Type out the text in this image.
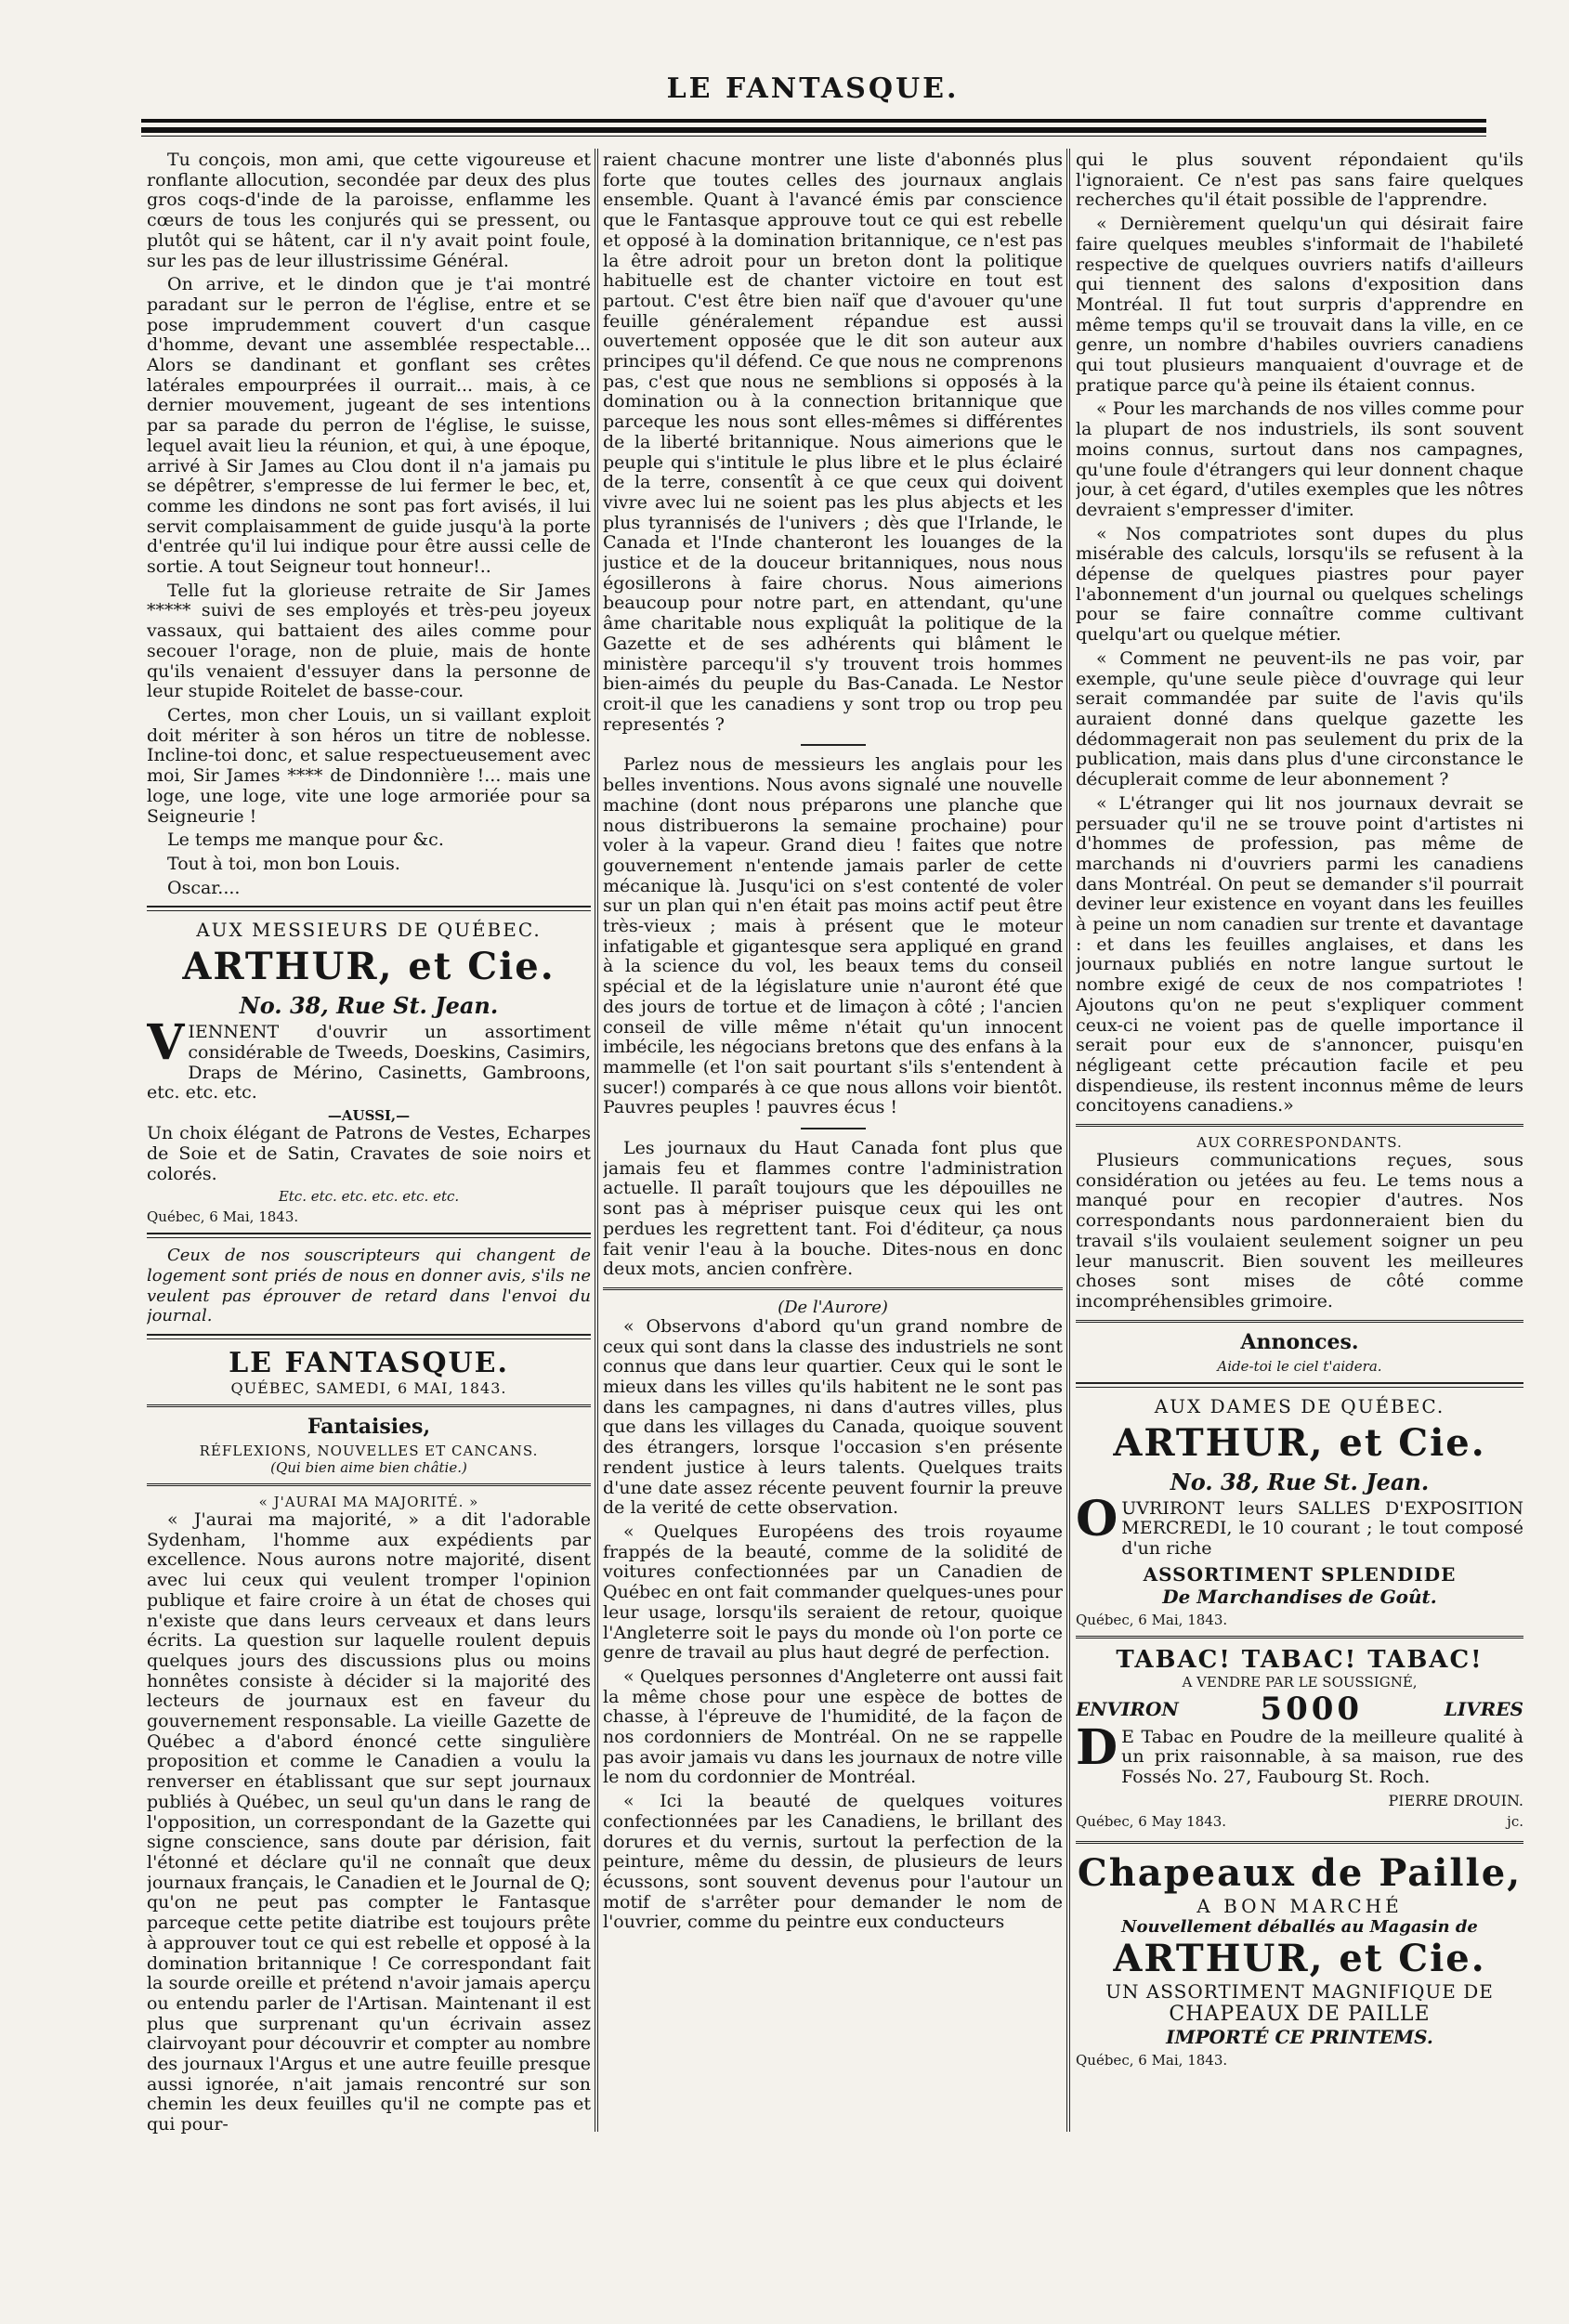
LE FANTASQUE.

Tu conçois, mon ami, que cette vigoureuse et ronflante allocution, secondée par deux des plus gros coqs-d'inde de la paroisse, enflamme les cœurs de tous les conjurés qui se pressent, ou plutôt qui se hâtent, car il n'y avait point foule, sur les pas de leur illustrissime Général.

On arrive, et le dindon que je t'ai montré paradant sur le perron de l'église, entre et se pose imprudemment couvert d'un casque d'homme, devant une assemblée respectable... Alors se dandinant et gonflant ses crêtes latérales empourprées il ourrait... mais, à ce dernier mouvement, jugeant de ses intentions par sa parade du perron de l'église, le suisse, lequel avait lieu la réunion, et qui, à une époque, arrivé à Sir James au Clou dont il n'a jamais pu se dépêtrer, s'empresse de lui fermer le bec, et, comme les dindons ne sont pas fort avisés, il lui servit complaisamment de guide jusqu'à la porte d'entrée qu'il lui indique pour être aussi celle de sortie. A tout Seigneur tout honneur!..

Telle fut la glorieuse retraite de Sir James ***** suivi de ses employés et très-peu joyeux vassaux, qui battaient des ailes comme pour secouer l'orage, non de pluie, mais de honte qu'ils venaient d'essuyer dans la personne de leur stupide Roitelet de basse-cour.

Certes, mon cher Louis, un si vaillant exploit doit mériter à son héros un titre de noblesse. Incline-toi donc, et salue respectueusement avec moi, Sir James **** de Dindonnière !... mais une loge, une loge, vite une loge armoriée pour sa Seigneurie !

Le temps me manque pour &c.

Tout à toi, mon bon Louis.

Oscar....

AUX MESSIEURS DE QUÉBEC.
ARTHUR, et Cie.
No. 38, Rue St. Jean.

VIENNENT d'ouvrir un assortiment considérable de Tweeds, Doeskins, Casimirs, Draps de Mérino, Casinetts, Gambroons, etc. etc. etc.

—AUSSI,—

Un choix élégant de Patrons de Vestes, Echarpes de Soie et de Satin, Cravates de soie noirs et colorés.

Etc. etc. etc. etc. etc. etc.
Québec, 6 Mai, 1843.

Ceux de nos souscripteurs qui changent de logement sont priés de nous en donner avis, s'ils ne veulent pas éprouver de retard dans l'envoi du journal.

LE FANTASQUE.
QUÉBEC, SAMEDI, 6 MAI, 1843.
Fantaisies,
RÉFLEXIONS, NOUVELLES ET CANCANS.
(Qui bien aime bien châtie.)
« J'AURAI MA MAJORITÉ. »

« J'aurai ma majorité, » a dit l'adorable Sydenham, l'homme aux expédients par excellence. Nous aurons notre majorité, disent avec lui ceux qui veulent tromper l'opinion publique et faire croire à un état de choses qui n'existe que dans leurs cerveaux et dans leurs écrits. La question sur laquelle roulent depuis quelques jours des discussions plus ou moins honnêtes consiste à décider si la majorité des lecteurs de journaux est en faveur du gouvernement responsable. La vieille Gazette de Québec a d'abord énoncé cette singulière proposition et comme le Canadien a voulu la renverser en établissant que sur sept journaux publiés à Québec, un seul qu'un dans le rang de l'opposition, un correspondant de la Gazette qui signe conscience, sans doute par dérision, fait l'étonné et déclare qu'il ne connaît que deux journaux français, le Canadien et le Journal de Q; qu'on ne peut pas compter le Fantasque parceque cette petite diatribe est toujours prête à approuver tout ce qui est rebelle et opposé à la domination britannique ! Ce correspondant fait la sourde oreille et prétend n'avoir jamais aperçu ou entendu parler de l'Artisan. Maintenant il est plus que surprenant qu'un écrivain assez clairvoyant pour découvrir et compter au nombre des journaux l'Argus et une autre feuille presque aussi ignorée, n'ait jamais rencontré sur son chemin les deux feuilles qu'il ne compte pas et qui pour-

raient chacune montrer une liste d'abonnés plus forte que toutes celles des journaux anglais ensemble. Quant à l'avancé émis par conscience que le Fantasque approuve tout ce qui est rebelle et opposé à la domination britannique, ce n'est pas la être adroit pour un breton dont la politique habituelle est de chanter victoire en tout est partout. C'est être bien naïf que d'avouer qu'une feuille généralement répandue est aussi ouvertement opposée que le dit son auteur aux principes qu'il défend. Ce que nous ne comprenons pas, c'est que nous ne semblions si opposés à la domination ou à la connection britannique que parceque les nous sont elles-mêmes si différentes de la liberté britannique. Nous aimerions que le peuple qui s'intitule le plus libre et le plus éclairé de la terre, consentît à ce que ceux qui doivent vivre avec lui ne soient pas les plus abjects et les plus tyrannisés de l'univers ; dès que l'Irlande, le Canada et l'Inde chanteront les louanges de la justice et de la douceur britanniques, nous nous égosillerons à faire chorus. Nous aimerions beaucoup pour notre part, en attendant, qu'une âme charitable nous expliquât la politique de la Gazette et de ses adhérents qui blâment le ministère parcequ'il s'y trouvent trois hommes bien-aimés du peuple du Bas-Canada. Le Nestor croit-il que les canadiens y sont trop ou trop peu representés ?

Parlez nous de messieurs les anglais pour les belles inventions. Nous avons signalé une nouvelle machine (dont nous préparons une planche que nous distribuerons la semaine prochaine) pour voler à la vapeur. Grand dieu ! faites que notre gouvernement n'entende jamais parler de cette mécanique là. Jusqu'ici on s'est contenté de voler sur un plan qui n'en était pas moins actif peut être très-vieux ; mais à présent que le moteur infatigable et gigantesque sera appliqué en grand à la science du vol, les beaux tems du conseil spécial et de la législature unie n'auront été que des jours de tortue et de limaçon à côté ; l'ancien conseil de ville même n'était qu'un innocent imbécile, les négocians bretons que des enfans à la mammelle (et l'on sait pourtant s'ils s'entendent à sucer!) comparés à ce que nous allons voir bientôt. Pauvres peuples ! pauvres écus !

Les journaux du Haut Canada font plus que jamais feu et flammes contre l'administration actuelle. Il paraît toujours que les dépouilles ne sont pas à mépriser puisque ceux qui les ont perdues les regrettent tant. Foi d'éditeur, ça nous fait venir l'eau à la bouche. Dites-nous en donc deux mots, ancien confrère.

(De l'Aurore)

« Observons d'abord qu'un grand nombre de ceux qui sont dans la classe des industriels ne sont connus que dans leur quartier. Ceux qui le sont le mieux dans les villes qu'ils habitent ne le sont pas dans les campagnes, ni dans d'autres villes, plus que dans les villages du Canada, quoique souvent des étrangers, lorsque l'occasion s'en présente rendent justice à leurs talents. Quelques traits d'une date assez récente peuvent fournir la preuve de la verité de cette observation.

« Quelques Européens des trois royaume frappés de la beauté, comme de la solidité de voitures confectionnées par un Canadien de Québec en ont fait commander quelques-unes pour leur usage, lorsqu'ils seraient de retour, quoique l'Angleterre soit le pays du monde où l'on porte ce genre de travail au plus haut degré de perfection.

« Quelques personnes d'Angleterre ont aussi fait la même chose pour une espèce de bottes de chasse, à l'épreuve de l'humidité, de la façon de nos cordonniers de Montréal. On ne se rappelle pas avoir jamais vu dans les journaux de notre ville le nom du cordonnier de Montréal.

« Ici la beauté de quelques voitures confectionnées par les Canadiens, le brillant des dorures et du vernis, surtout la perfection de la peinture, même du dessin, de plusieurs de leurs écussons, sont souvent devenus pour l'autour un motif de s'arrêter pour demander le nom de l'ouvrier, comme du peintre eux conducteurs

qui le plus souvent répondaient qu'ils l'ignoraient. Ce n'est pas sans faire quelques recherches qu'il était possible de l'apprendre.

« Dernièrement quelqu'un qui désirait faire faire quelques meubles s'informait de l'habileté respective de quelques ouvriers natifs d'ailleurs qui tiennent des salons d'exposition dans Montréal. Il fut tout surpris d'apprendre en même temps qu'il se trouvait dans la ville, en ce genre, un nombre d'habiles ouvriers canadiens qui tout plusieurs manquaient d'ouvrage et de pratique parce qu'à peine ils étaient connus.

« Pour les marchands de nos villes comme pour la plupart de nos industriels, ils sont souvent moins connus, surtout dans nos campagnes, qu'une foule d'étrangers qui leur donnent chaque jour, à cet égard, d'utiles exemples que les nôtres devraient s'empresser d'imiter.

« Nos compatriotes sont dupes du plus misérable des calculs, lorsqu'ils se refusent à la dépense de quelques piastres pour payer l'abonnement d'un journal ou quelques schelings pour se faire connaître comme cultivant quelqu'art ou quelque métier.

« Comment ne peuvent-ils ne pas voir, par exemple, qu'une seule pièce d'ouvrage qui leur serait commandée par suite de l'avis qu'ils auraient donné dans quelque gazette les dédommagerait non pas seulement du prix de la publication, mais dans plus d'une circonstance le décuplerait comme de leur abonnement ?

« L'étranger qui lit nos journaux devrait se persuader qu'il ne se trouve point d'artistes ni d'hommes de profession, pas même de marchands ni d'ouvriers parmi les canadiens dans Montréal. On peut se demander s'il pourrait deviner leur existence en voyant dans les feuilles à peine un nom canadien sur trente et davantage : et dans les feuilles anglaises, et dans les journaux publiés en notre langue surtout le nombre exigé de ceux de nos compatriotes ! Ajoutons qu'on ne peut s'expliquer comment ceux-ci ne voient pas de quelle importance il serait pour eux de s'annoncer, puisqu'en négligeant cette précaution facile et peu dispendieuse, ils restent inconnus même de leurs concitoyens canadiens.»

AUX CORRESPONDANTS.

Plusieurs communications reçues, sous considération ou jetées au feu. Le tems nous a manqué pour en recopier d'autres. Nos correspondants nous pardonneraient bien du travail s'ils voulaient seulement soigner un peu leur manuscrit. Bien souvent les meilleures choses sont mises de côté comme incompréhensibles grimoire.

Annonces.
Aide-toi le ciel t'aidera.
AUX DAMES DE QUÉBEC.
ARTHUR, et Cie.
No. 38, Rue St. Jean.

OUVRIRONT leurs SALLES D'EXPOSITION MERCREDI, le 10 courant ; le tout composé d'un riche

ASSORTIMENT SPLENDIDE
De Marchandises de Goût.
Québec, 6 Mai, 1843.
TABAC! TABAC! TABAC!
A VENDRE PAR LE SOUSSIGNÉ,
ENVIRON	5000	LIVRES

D E Tabac en Poudre de la meilleure qualité à un prix raisonnable, à sa maison, rue des Fossés No. 27, Faubourg St. Roch.

PIERRE DROUIN.
Québec, 6 May 1843.	jc.
Chapeaux de Paille,
A BON MARCHÉ
Nouvellement déballés au Magasin de
ARTHUR, et Cie.
UN ASSORTIMENT MAGNIFIQUE DE
CHAPEAUX DE PAILLE
IMPORTÉ CE PRINTEMS.
Québec, 6 Mai, 1843.
